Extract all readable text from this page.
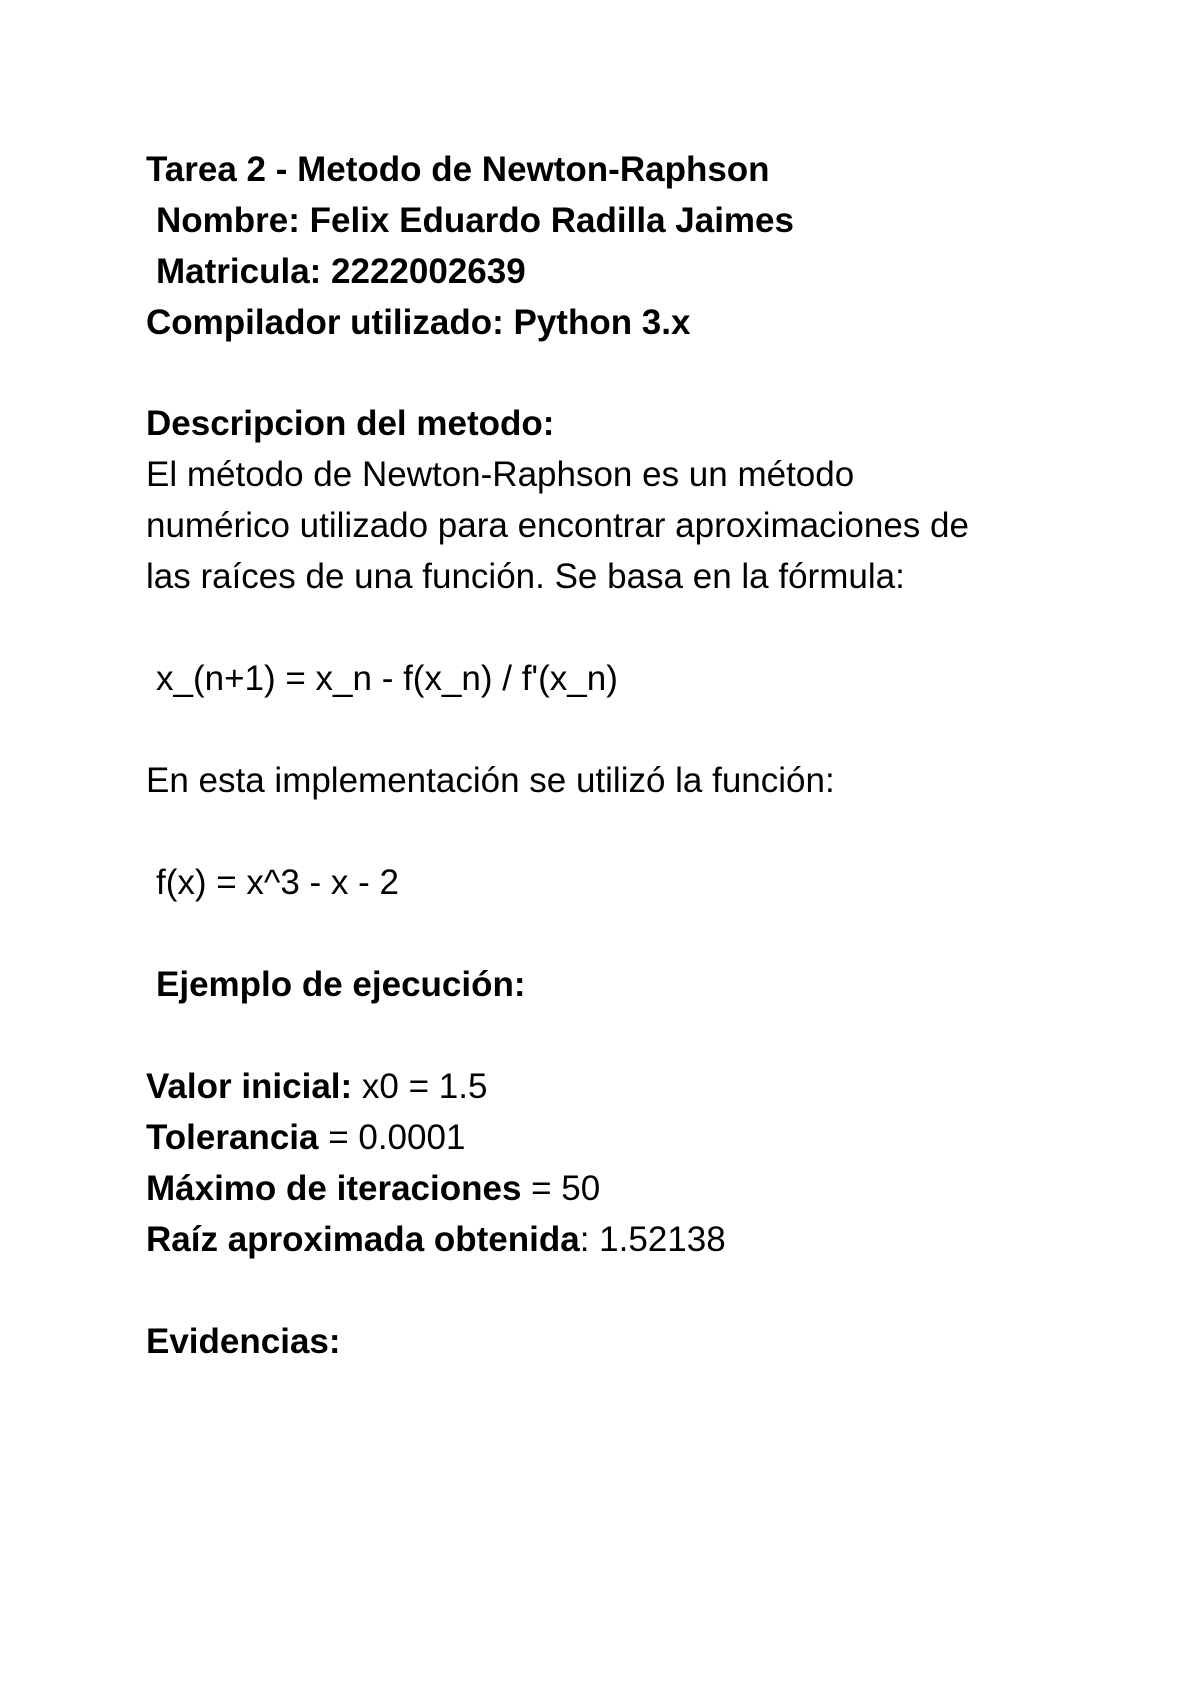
Tarea 2 - Metodo de Newton-Raphson
Nombre: Felix Eduardo Radilla Jaimes
Matricula: 2222002639
Compilador utilizado: Python 3.x
Descripcion del metodo:
El método de Newton-Raphson es un método
numérico utilizado para encontrar aproximaciones de
las raíces de una función. Se basa en la fórmula:
x_(n+1) = x_n - f(x_n) / f'(x_n)
En esta implementación se utilizó la función:
f(x) = x^3 - x - 2
Ejemplo de ejecución:
Valor inicial: x0 = 1.5
Tolerancia = 0.0001
Máximo de iteraciones = 50
Raíz aproximada obtenida: 1.52138
Evidencias:
